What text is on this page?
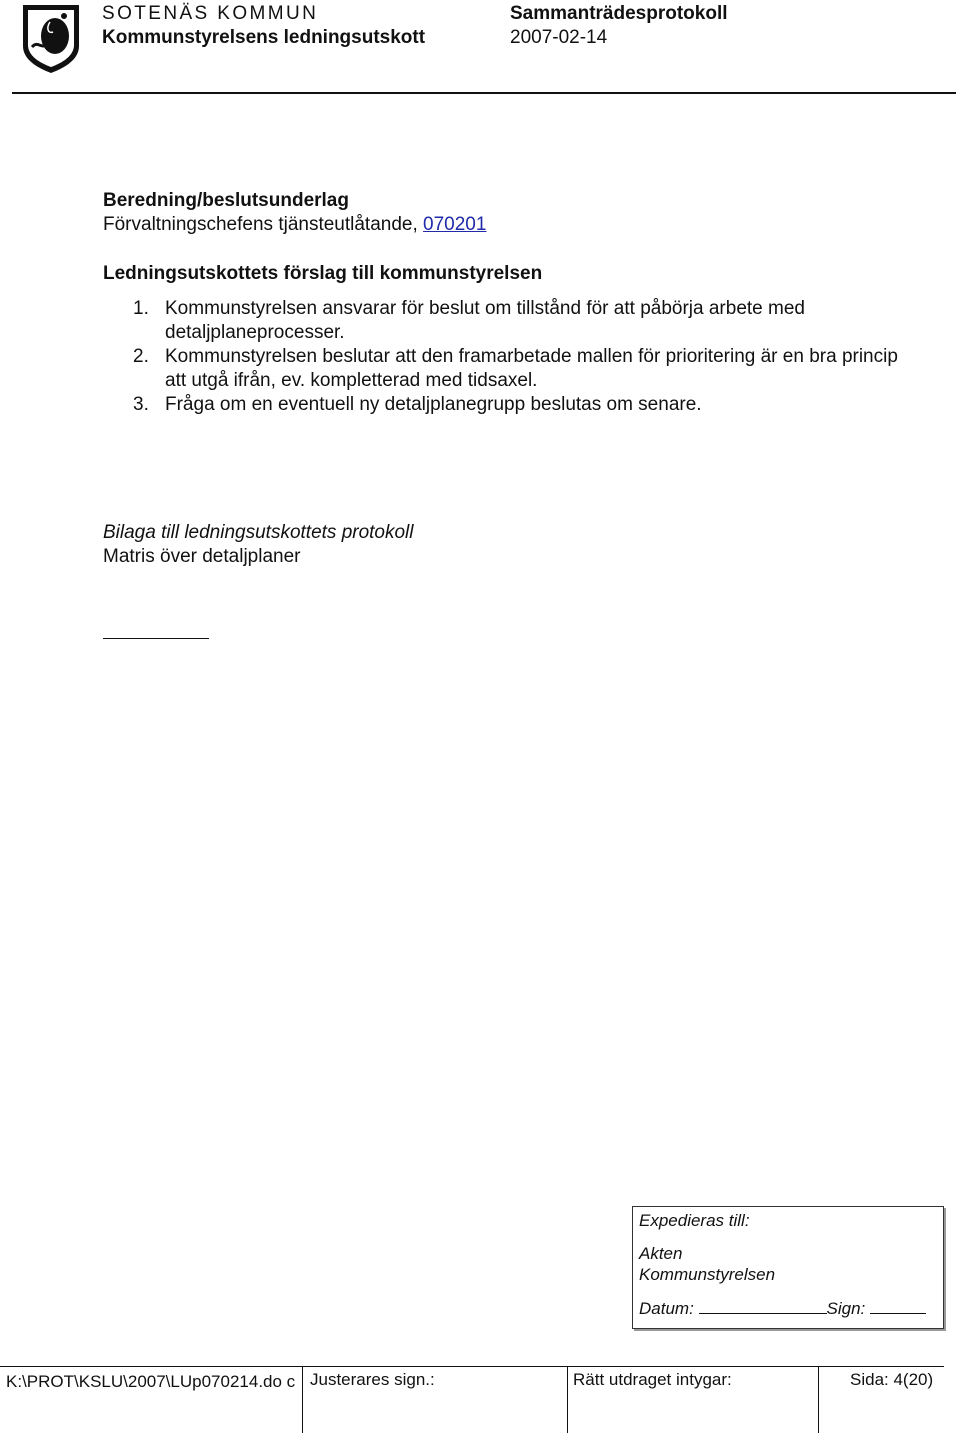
SOTENÄS KOMMUN	Sammanträdesprotokoll
Kommunstyrelsens ledningsutskott	2007-02-14
Beredning/beslutsunderlag
Förvaltningschefens tjänsteutlåtande, 070201
Ledningsutskottets förslag till kommunstyrelsen
1. Kommunstyrelsen ansvarar för beslut om tillstånd för att påbörja arbete med detaljplaneprocesser.
2. Kommunstyrelsen beslutar att den framarbetade mallen för prioritering är en bra princip att utgå ifrån, ev. kompletterad med tidsaxel.
3. Fråga om en eventuell ny detaljplanegrupp beslutas om senare.
Bilaga till ledningsutskottets protokoll
Matris över detaljplaner
Expedieras till:
Akten
Kommunstyrelsen
Datum:	Sign:
K:\PROT\KSLU\2007\LUp070214.do c Justerares sign.:	Rätt utdraget intygar:	Sida: 4(20)
